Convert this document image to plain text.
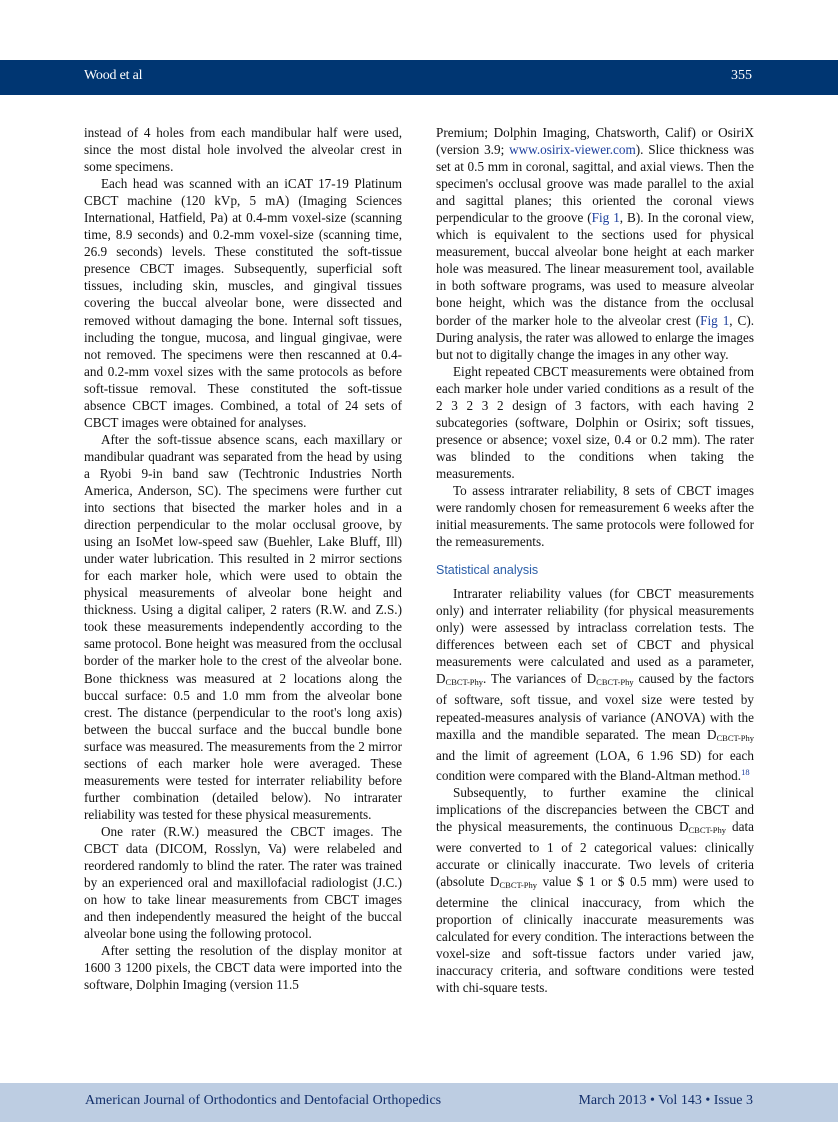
Wood et al	355

instead of 4 holes from each mandibular half were used, since the most distal hole involved the alveolar crest in some specimens.

Each head was scanned with an iCAT 17-19 Platinum CBCT machine (120 kVp, 5 mA) (Imaging Sciences International, Hatfield, Pa) at 0.4-mm voxel-size (scanning time, 8.9 seconds) and 0.2-mm voxel-size (scanning time, 26.9 seconds) levels. These constituted the soft-tissue presence CBCT images. Subsequently, superficial soft tissues, including skin, muscles, and gingival tissues covering the buccal alveolar bone, were dissected and removed without damaging the bone. Internal soft tissues, including the tongue, mucosa, and lingual gingivae, were not removed. The specimens were then rescanned at 0.4- and 0.2-mm voxel sizes with the same protocols as before soft-tissue removal. These constituted the soft-tissue absence CBCT images. Combined, a total of 24 sets of CBCT images were obtained for analyses.

After the soft-tissue absence scans, each maxillary or mandibular quadrant was separated from the head by using a Ryobi 9-in band saw (Techtronic Industries North America, Anderson, SC). The specimens were further cut into sections that bisected the marker holes and in a direction perpendicular to the molar occlusal groove, by using an IsoMet low-speed saw (Buehler, Lake Bluff, Ill) under water lubrication. This resulted in 2 mirror sections for each marker hole, which were used to obtain the physical measurements of alveolar bone height and thickness. Using a digital caliper, 2 raters (R.W. and Z.S.) took these measurements independently according to the same protocol. Bone height was measured from the occlusal border of the marker hole to the crest of the alveolar bone. Bone thickness was measured at 2 locations along the buccal surface: 0.5 and 1.0 mm from the alveolar bone crest. The distance (perpendicular to the root's long axis) between the buccal surface and the buccal bundle bone surface was measured. The measurements from the 2 mirror sections of each marker hole were averaged. These measurements were tested for interrater reliability before further combination (detailed below). No intrarater reliability was tested for these physical measurements.

One rater (R.W.) measured the CBCT images. The CBCT data (DICOM, Rosslyn, Va) were relabeled and reordered randomly to blind the rater. The rater was trained by an experienced oral and maxillofacial radiologist (J.C.) on how to take linear measurements from CBCT images and then independently measured the height of the buccal alveolar bone using the following protocol.

After setting the resolution of the display monitor at 1600 3 1200 pixels, the CBCT data were imported into the software, Dolphin Imaging (version 11.5

Premium; Dolphin Imaging, Chatsworth, Calif) or OsiriX (version 3.9; www.osirix-viewer.com). Slice thickness was set at 0.5 mm in coronal, sagittal, and axial views. Then the specimen's occlusal groove was made parallel to the axial and sagittal planes; this oriented the coronal views perpendicular to the groove (Fig 1, B). In the coronal view, which is equivalent to the sections used for physical measurement, buccal alveolar bone height at each marker hole was measured. The linear measurement tool, available in both software programs, was used to measure alveolar bone height, which was the distance from the occlusal border of the marker hole to the alveolar crest (Fig 1, C). During analysis, the rater was allowed to enlarge the images but not to digitally change the images in any other way.

Eight repeated CBCT measurements were obtained from each marker hole under varied conditions as a result of the 2 3 2 3 2 design of 3 factors, with each having 2 subcategories (software, Dolphin or Osirix; soft tissues, presence or absence; voxel size, 0.4 or 0.2 mm). The rater was blinded to the conditions when taking the measurements.

To assess intrarater reliability, 8 sets of CBCT images were randomly chosen for remeasurement 6 weeks after the initial measurements. The same protocols were followed for the remeasurements.

Statistical analysis

Intrarater reliability values (for CBCT measurements only) and interrater reliability (for physical measurements only) were assessed by intraclass correlation tests. The differences between each set of CBCT and physical measurements were calculated and used as a parameter, $D_{CBCT-Phy}$. The variances of $D_{CBCT-Phy}$ caused by the factors of software, soft tissue, and voxel size were tested by repeated-measures analysis of variance (ANOVA) with the maxilla and the mandible separated. The mean $D_{CBCT-Phy}$ and the limit of agreement (LOA, 6 1.96 SD) for each condition were compared with the Bland-Altman method.$^{18}$

Subsequently, to further examine the clinical implications of the discrepancies between the CBCT and the physical measurements, the continuous $D_{CBCT-Phy}$ data were converted to 1 of 2 categorical values: clinically accurate or clinically inaccurate. Two levels of criteria (absolute $D_{CBCT-Phy}$ value $ 1 or $ 0.5 mm) were used to determine the clinical inaccuracy, from which the proportion of clinically inaccurate measurements was calculated for every condition. The interactions between the voxel-size and soft-tissue factors under varied jaw, inaccuracy criteria, and software conditions were tested with chi-square tests.

American Journal of Orthodontics and Dentofacial Orthopedics	March 2013 • Vol 143 • Issue 3
